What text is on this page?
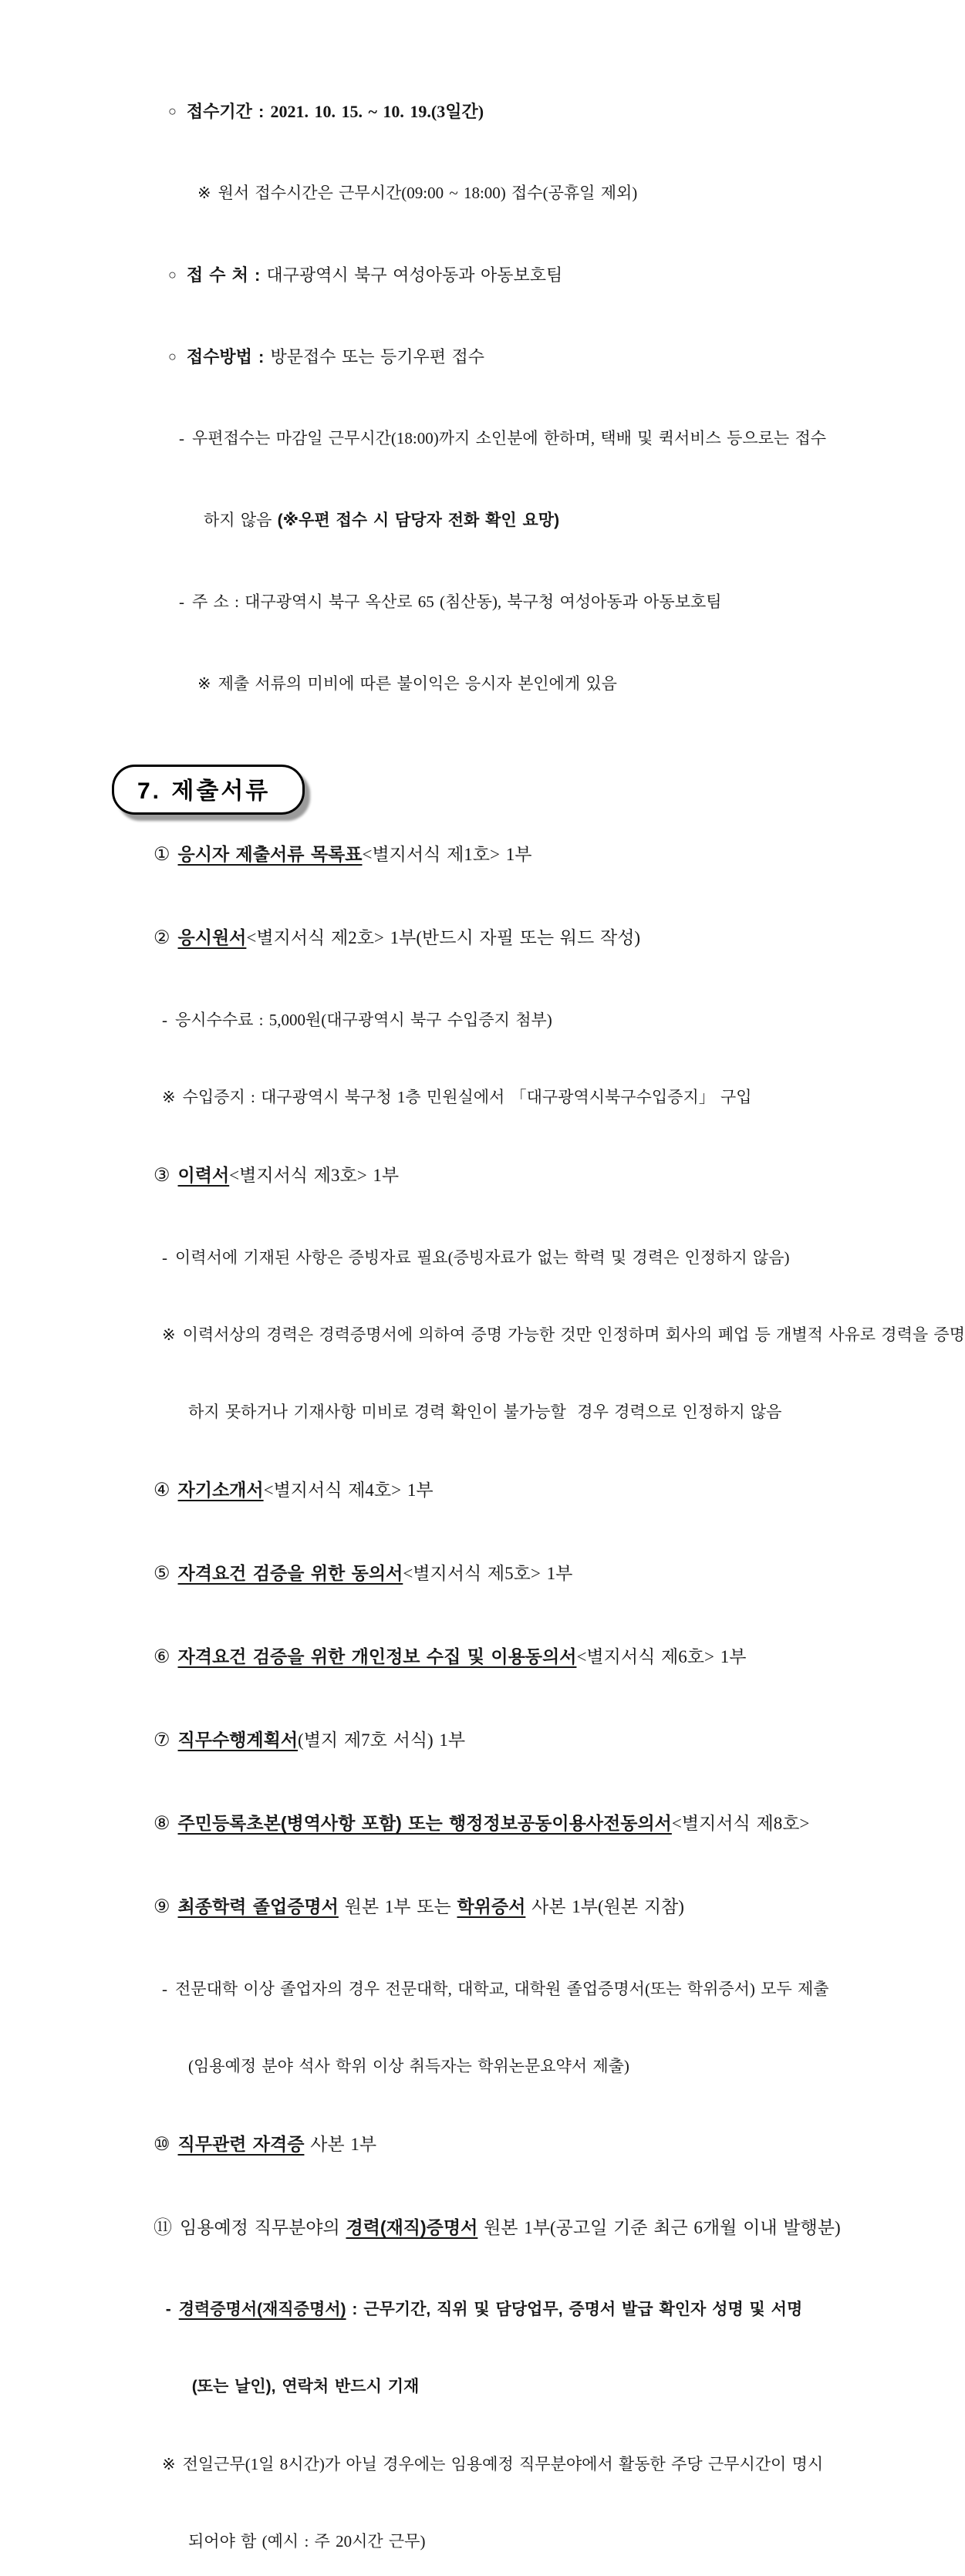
○ 접수기간 : 2021. 10. 15. ~ 10. 19.(3일간)

※ 원서 접수시간은 근무시간(09:00 ~ 18:00) 접수(공휴일 제외)

○ 접 수 처 : 대구광역시 북구 여성아동과 아동보호팀

○ 접수방법 : 방문접수 또는 등기우편 접수

- 우편접수는 마감일 근무시간(18:00)까지 소인분에 한하며, 택배 및 퀵서비스 등으로는 접수

하지 않음 (※우편 접수 시 담당자 전화 확인 요망)

- 주 소 : 대구광역시 북구 옥산로 65 (침산동), 북구청 여성아동과 아동보호팀

※ 제출 서류의 미비에 따른 불이익은 응시자 본인에게 있음

7. 제출서류

① 응시자 제출서류 목록표<별지서식 제1호> 1부

② 응시원서<별지서식 제2호> 1부(반드시 자필 또는 워드 작성)

- 응시수수료 : 5,000원(대구광역시 북구 수입증지 첨부)

※ 수입증지 : 대구광역시 북구청 1층 민원실에서 「대구광역시북구수입증지」 구입

③ 이력서<별지서식 제3호> 1부

- 이력서에 기재된 사항은 증빙자료 필요(증빙자료가 없는 학력 및 경력은 인정하지 않음)

※ 이력서상의 경력은 경력증명서에 의하여 증명 가능한 것만 인정하며 회사의 폐업 등 개별적 사유로 경력을 증명

하지 못하거나 기재사항 미비로 경력 확인이 불가능할  경우 경력으로 인정하지 않음

④ 자기소개서<별지서식 제4호> 1부

⑤ 자격요건 검증을 위한 동의서<별지서식 제5호> 1부

⑥ 자격요건 검증을 위한 개인정보 수집 및 이용동의서<별지서식 제6호> 1부

⑦ 직무수행계획서(별지 제7호 서식) 1부

⑧ 주민등록초본(병역사항 포함) 또는 행정정보공동이용사전동의서<별지서식 제8호>

⑨ 최종학력 졸업증명서 원본 1부 또는 학위증서 사본 1부(원본 지참)

- 전문대학 이상 졸업자의 경우 전문대학, 대학교, 대학원 졸업증명서(또는 학위증서) 모두 제출

(임용예정 분야 석사 학위 이상 취득자는 학위논문요약서 제출)

⑩ 직무관련 자격증 사본 1부

⑪ 임용예정 직무분야의 경력(재직)증명서 원본 1부(공고일 기준 최근 6개월 이내 발행분)

- 경력증명서(재직증명서) : 근무기간, 직위 및 담당업무, 증명서 발급 확인자 성명 및 서명

(또는 날인), 연락처 반드시 기재

※ 전일근무(1일 8시간)가 아닐 경우에는 임용예정 직무분야에서 활동한 주당 근무시간이 명시

되어야 함 (예시 : 주 20시간 근무)
